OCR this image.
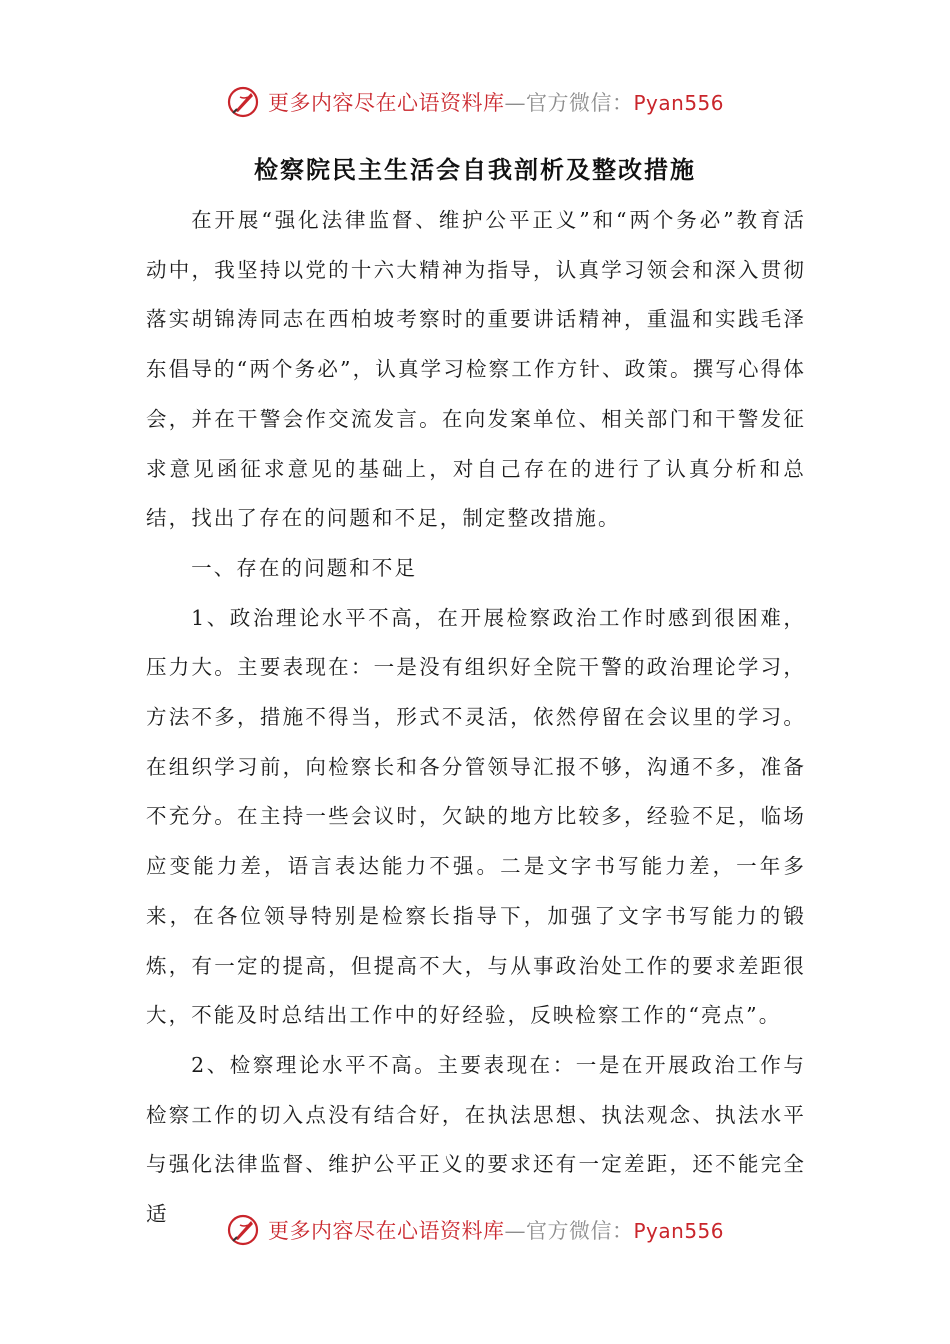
更多内容尽在心语资料库—官方微信：Pyan556
检察院民主生活会自我剖析及整改措施

在开展“强化法律监督、维护公平正义”和“两个务必”教育活动中，我坚持以党的十六大精神为指导，认真学习领会和深入贯彻落实胡锦涛同志在西柏坡考察时的重要讲话精神，重温和实践毛泽东倡导的“两个务必”，认真学习检察工作方针、政策。撰写心得体会，并在干警会作交流发言。在向发案单位、相关部门和干警发征求意见函征求意见的基础上，对自己存在的进行了认真分析和总结，找出了存在的问题和不足，制定整改措施。

一、存在的问题和不足

1、政治理论水平不高，在开展检察政治工作时感到很困难，压力大。主要表现在：一是没有组织好全院干警的政治理论学习，方法不多，措施不得当，形式不灵活，依然停留在会议里的学习。在组织学习前，向检察长和各分管领导汇报不够，沟通不多，准备不充分。在主持一些会议时，欠缺的地方比较多，经验不足，临场应变能力差，语言表达能力不强。二是文字书写能力差，一年多来，在各位领导特别是检察长指导下，加强了文字书写能力的锻炼，有一定的提高，但提高不大，与从事政治处工作的要求差距很大，不能及时总结出工作中的好经验，反映检察工作的“亮点”。

2、检察理论水平不高。主要表现在：一是在开展政治工作与检察工作的切入点没有结合好，在执法思想、执法观念、执法水平与强化法律监督、维护公平正义的要求还有一定差距，还不能完全适

更多内容尽在心语资料库—官方微信：Pyan556
